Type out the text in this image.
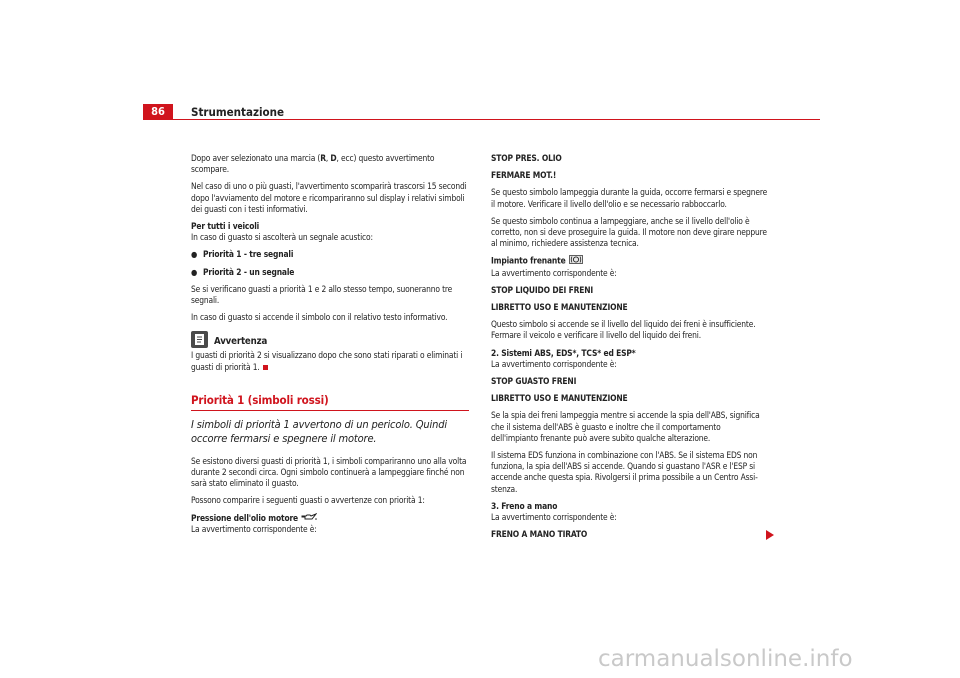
86	Strumentazione

Dopo aver selezionato una marcia (R, D, ecc) questo avvertimento scompare.

Nel caso di uno o più guasti, l'avvertimento scomparirà trascorsi 15 secondi dopo l'avviamento del motore e ricompariranno sul display i relativi simboli dei guasti con i testi informativi.

Per tutti i veicoli

In caso di guasto si ascolterà un segnale acustico:

● Priorità 1 - tre segnali
● Priorità 2 - un segnale

Se si verificano guasti a priorità 1 e 2 allo stesso tempo, suoneranno tre segnali.

In caso di guasto si accende il simbolo con il relativo testo informativo.

Avvertenza

I guasti di priorità 2 si visualizzano dopo che sono stati riparati o eliminati i guasti di priorità 1.

Priorità 1 (simboli rossi)
I simboli di priorità 1 avvertono di un pericolo. Quindi occorre fermarsi e spegnere il motore.

Se esistono diversi guasti di priorità 1, i simboli compariranno uno alla volta durante 2 secondi circa. Ogni simbolo continuerà a lampeggiare finché non sarà stato eliminato il guasto.

Possono comparire i seguenti guasti o avvertenze con priorità 1:

Pressione dell'olio motore

La avvertimento corrispondente è:

STOP PRES. OLIO
FERMARE MOT.!

Se questo simbolo lampeggia durante la guida, occorre fermarsi e spegnere il motore. Verificare il livello dell'olio e se necessario rabboccarlo.

Se questo simbolo continua a lampeggiare, anche se il livello dell'olio è corretto, non si deve proseguire la guida. Il motore non deve girare neppure al minimo, richiedere assistenza tecnica.

Impianto frenante

La avvertimento corrispondente è:

STOP LIQUIDO DEI FRENI
LIBRETTO USO E MANUTENZIONE

Questo simbolo si accende se il livello del liquido dei freni è insufficiente. Fermare il veicolo e verificare il livello del liquido dei freni.

2. Sistemi ABS, EDS*, TCS* ed ESP*

La avvertimento corrispondente è:

STOP GUASTO FRENI
LIBRETTO USO E MANUTENZIONE

Se la spia dei freni lampeggia mentre si accende la spia dell'ABS, significa che il sistema dell'ABS è guasto e inoltre che il comportamento dell'impianto frenante può avere subito qualche alterazione.

Il sistema EDS funziona in combinazione con l'ABS. Se il sistema EDS non funziona, la spia dell'ABS si accende. Quando si guastano l'ASR e l'ESP si accende anche questa spia. Rivolgersi il prima possibile a un Centro Assi-stenza.

3. Freno a mano

La avvertimento corrispondente è:

FRENO A MANO TIRATO
carmanualsonline.info
